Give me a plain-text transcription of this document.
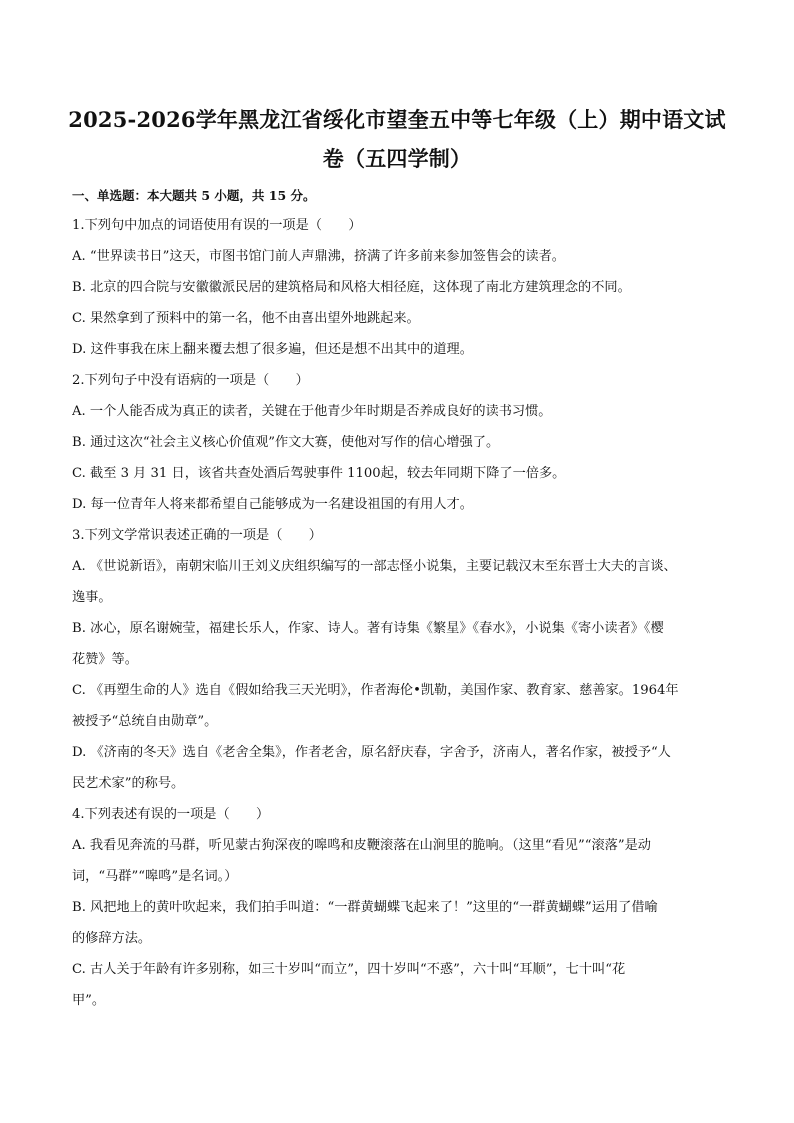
2025-2026学年黑龙江省绥化市望奎五中等七年级（上）期中语文试
卷（五四学制）
一、单选题：本大题共 5 小题，共 15 分。
1.下列句中加点的词语使用有误的一项是（　　）
A. “世界读书日”这天，市图书馆门前人声鼎沸，挤满了许多前来参加签售会的读者。
B. 北京的四合院与安徽徽派民居的建筑格局和风格大相径庭，这体现了南北方建筑理念的不同。
C. 果然拿到了预料中的第一名，他不由喜出望外地跳起来。
D. 这件事我在床上翻来覆去想了很多遍，但还是想不出其中的道理。
2.下列句子中没有语病的一项是（　　）
A. 一个人能否成为真正的读者，关键在于他青少年时期是否养成良好的读书习惯。
B. 通过这次“社会主义核心价值观”作文大赛，使他对写作的信心增强了。
C. 截至 3 月 31 日，该省共查处酒后驾驶事件 1100起，较去年同期下降了一倍多。
D. 每一位青年人将来都希望自己能够成为一名建设祖国的有用人才。
3.下列文学常识表述正确的一项是（　　）
A. 《世说新语》，南朝宋临川王刘义庆组织编写的一部志怪小说集，主要记载汉末至东晋士大夫的言谈、
逸事。
B. 冰心，原名谢婉莹，福建长乐人，作家、诗人。著有诗集《繁星》《春水》，小说集《寄小读者》《樱
花赞》等。
C. 《再塑生命的人》选自《假如给我三天光明》，作者海伦•凯勒，美国作家、教育家、慈善家。1964年
被授予“总统自由勋章”。
D. 《济南的冬天》选自《老舍全集》，作者老舍，原名舒庆春，字舍予，济南人，著名作家，被授予“人
民艺术家”的称号。
4.下列表述有误的一项是（　　）
A. 我看见奔流的马群，听见蒙古狗深夜的嗥鸣和皮鞭滚落在山涧里的脆响。（这里“看见”“滚落”是动
词，“马群”“嗥鸣”是名词。）
B. 风把地上的黄叶吹起来，我们拍手叫道：“一群黄蝴蝶飞起来了！”这里的“一群黄蝴蝶”运用了借喻
的修辞方法。
C. 古人关于年龄有许多别称，如三十岁叫“而立”，四十岁叫“不惑”，六十叫“耳顺”，七十叫“花
甲”。
